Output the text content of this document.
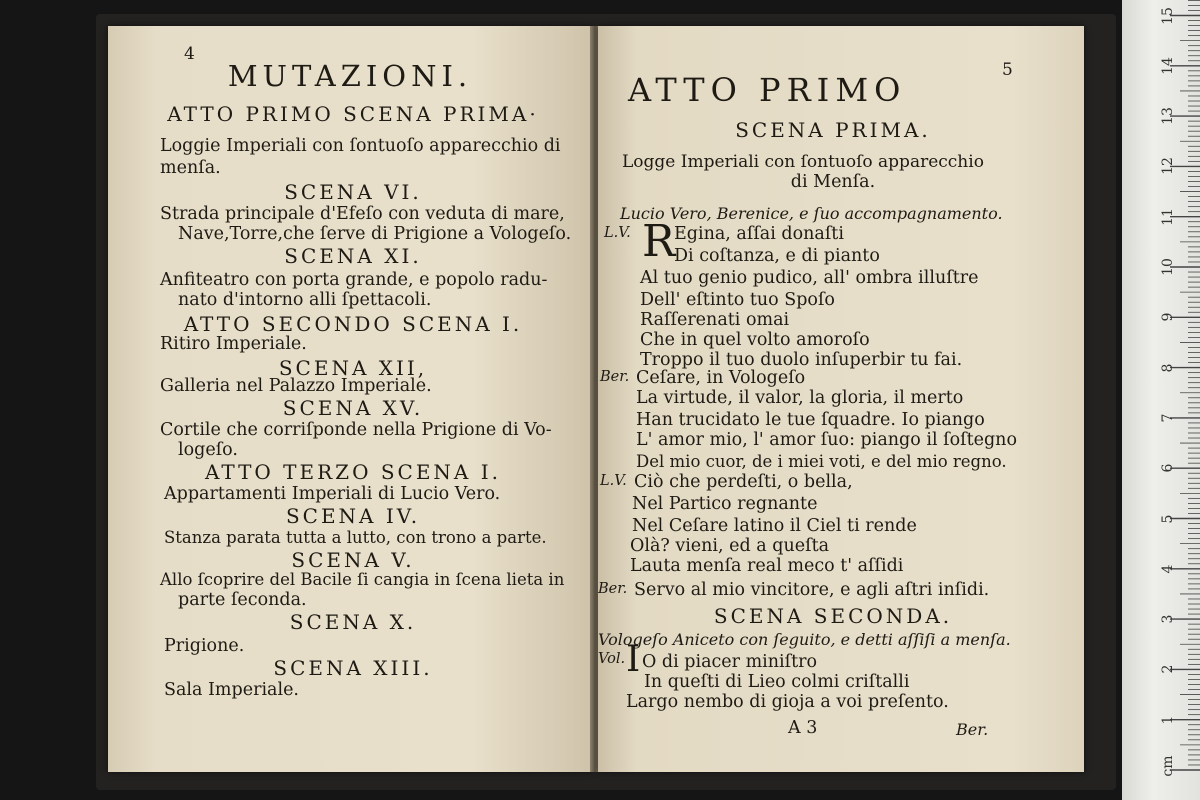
4
MUTAZIONI.
ATTO PRIMO SCENA PRIMA·
Loggie Imperiali con ſontuoſo apparecchio di
menſa.
SCENA VI.
Strada principale d'Efeſo con veduta di mare,
Nave,Torre,che ſerve di Prigione a Vologeſo.
SCENA XI.
Anfiteatro con porta grande, e popolo radu-
nato d'intorno alli ſpettacoli.
ATTO SECONDO SCENA I.
Ritiro Imperiale.
SCENA XII,
Galleria nel Palazzo Imperiale.
SCENA XV.
Cortile che corriſponde nella Prigione di Vo-
logeſo.
ATTO TERZO SCENA I.
Appartamenti Imperiali di Lucio Vero.
SCENA IV.
Stanza parata tutta a lutto, con trono a parte.
SCENA V.
Allo ſcoprire del Bacile ſi cangia in ſcena lieta in
parte ſeconda.
SCENA X.
Prigione.
SCENA XIII.
Sala Imperiale.
5
ATTO PRIMO
SCENA PRIMA.
Logge Imperiali con ſontuoſo apparecchio
di Menſa.
Lucio Vero, Berenice, e ſuo accompagnamento.
L.V. R
Egina, aſſai donaſti
Di coſtanza, e di pianto
Al tuo genio pudico, all' ombra illuſtre
Dell' eſtinto tuo Spoſo
Raſſerenati omai
Che in quel volto amoroſo
Troppo il tuo duolo inſuperbir tu fai.
Ber. Ceſare, in Vologeſo
La virtude, il valor, la gloria, il merto
Han trucidato le tue ſquadre. Io piango
L' amor mio, l' amor ſuo: piango il ſoſtegno
Del mio cuor, de i miei voti, e del mio regno.
L.V. Ciò che perdeſti, o bella,
Nel Partico regnante
Nel Ceſare latino il Ciel ti rende
Olà? vieni, ed a queſta
Lauta menſa real meco t' aſſidi
Ber. Servo al mio vincitore, e agli aſtri inſidi.
SCENA SECONDA.
Vologeſo Aniceto con ſeguito, e detti aſſiſi a menſa.
Vol. I O di piacer miniſtro
In queſti di Lieo colmi criſtalli
Largo nembo di gioja a voi preſento.
A 3	Ber.
cm
1
2
3
4
5
6
7
8
9
10
11
12
13
14
15
